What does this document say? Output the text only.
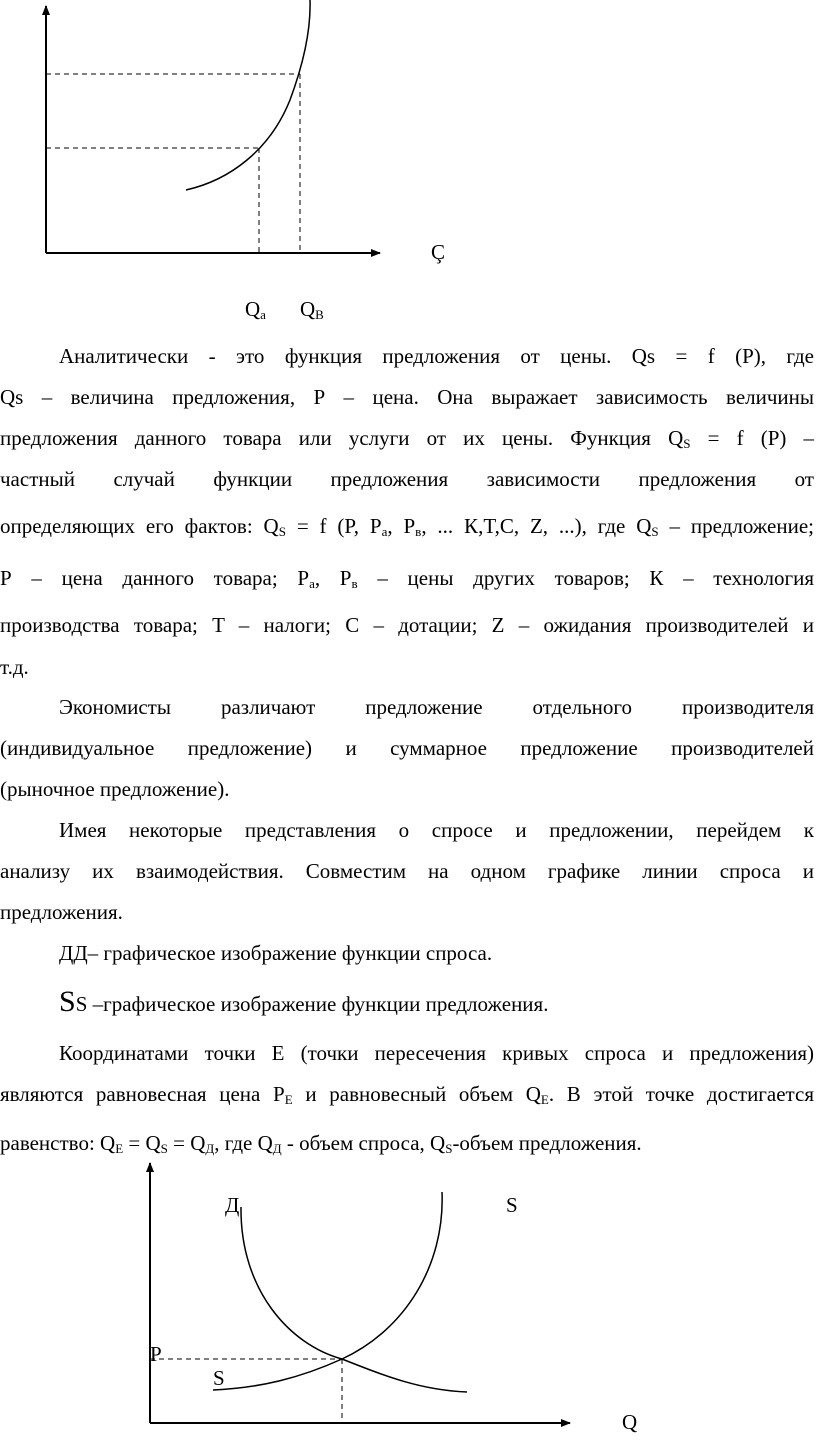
Ç
$Q_a$ $Q_В$

Аналитически - это функция предложения от цены. Qs = f (P), где

Qs – величина предложения, Р – цена. Она выражает зависимость величины

предложения данного товара или услуги от их цены. Функция $Q_S = f$ (P) –

частный случай функции предложения зависимости предложения от

определяющих его фактов: $Q_S = f$ (P, $P_a$, $P_в$, ... К,T,C, Z, ...), где $Q_S$ – предложение;

Р – цена данного товара; $Р_а$, $Р_в$ – цены других товаров; К – технология

производства товара; T – налоги; C – дотации; Z – ожидания производителей и

т.д.

Экономисты различают предложение отдельного производителя

(индивидуальное предложение) и суммарное предложение производителей

(рыночное предложение).

Имея некоторые представления о спросе и предложении, перейдем к

анализу их взаимодействия. Совместим на одном графике линии спроса и

предложения.

ДД– графическое изображение функции спроса.

SS –графическое изображение функции предложения.

Координатами точки Е (точки пересечения кривых спроса и предложения)

являются равновесная цена $Р_Е$ и равновесный объем $Q_Е$. В этой точке достигается

равенство: $Q_Е = Q_S = Q_Д$, где $Q_Д$ - объем спроса, $Q_S$-объем предложения.

Д	S
P
S
Q
